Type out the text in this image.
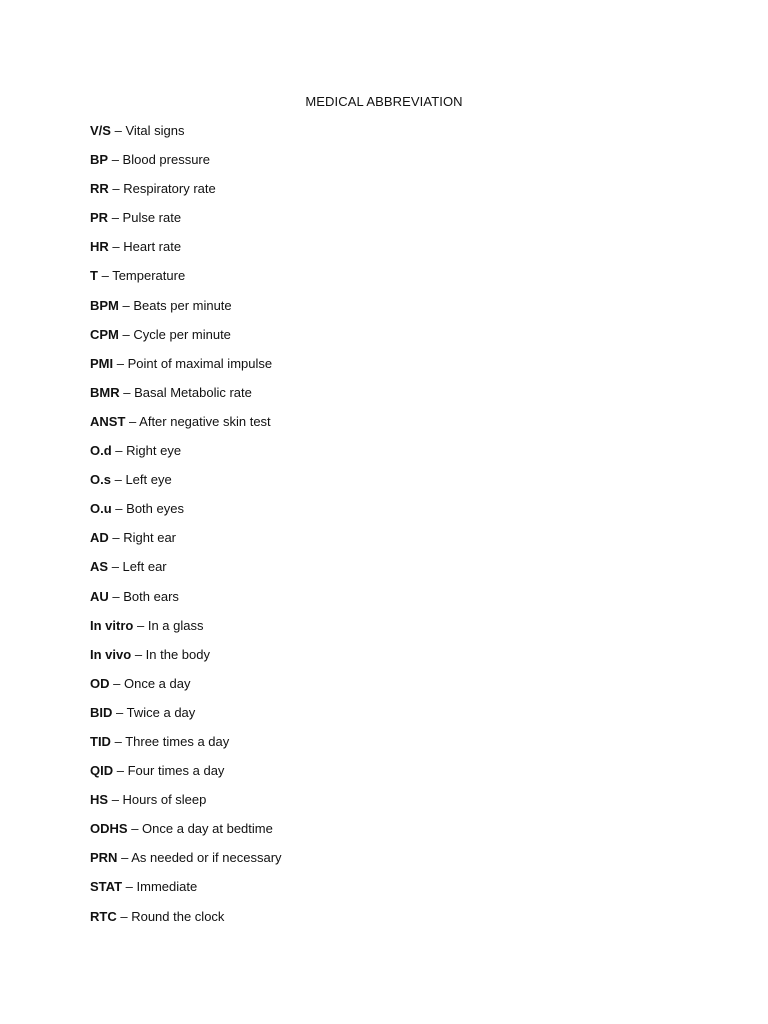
MEDICAL ABBREVIATION
V/S – Vital signs
BP – Blood pressure
RR – Respiratory rate
PR – Pulse rate
HR – Heart rate
T – Temperature
BPM – Beats per minute
CPM – Cycle per minute
PMI – Point of maximal impulse
BMR – Basal Metabolic rate
ANST – After negative skin test
O.d – Right eye
O.s – Left eye
O.u – Both eyes
AD – Right ear
AS – Left ear
AU – Both ears
In vitro – In a glass
In vivo – In the body
OD – Once a day
BID – Twice a day
TID – Three times a day
QID – Four times a day
HS – Hours of sleep
ODHS – Once a day at bedtime
PRN – As needed or if necessary
STAT – Immediate
RTC – Round the clock
